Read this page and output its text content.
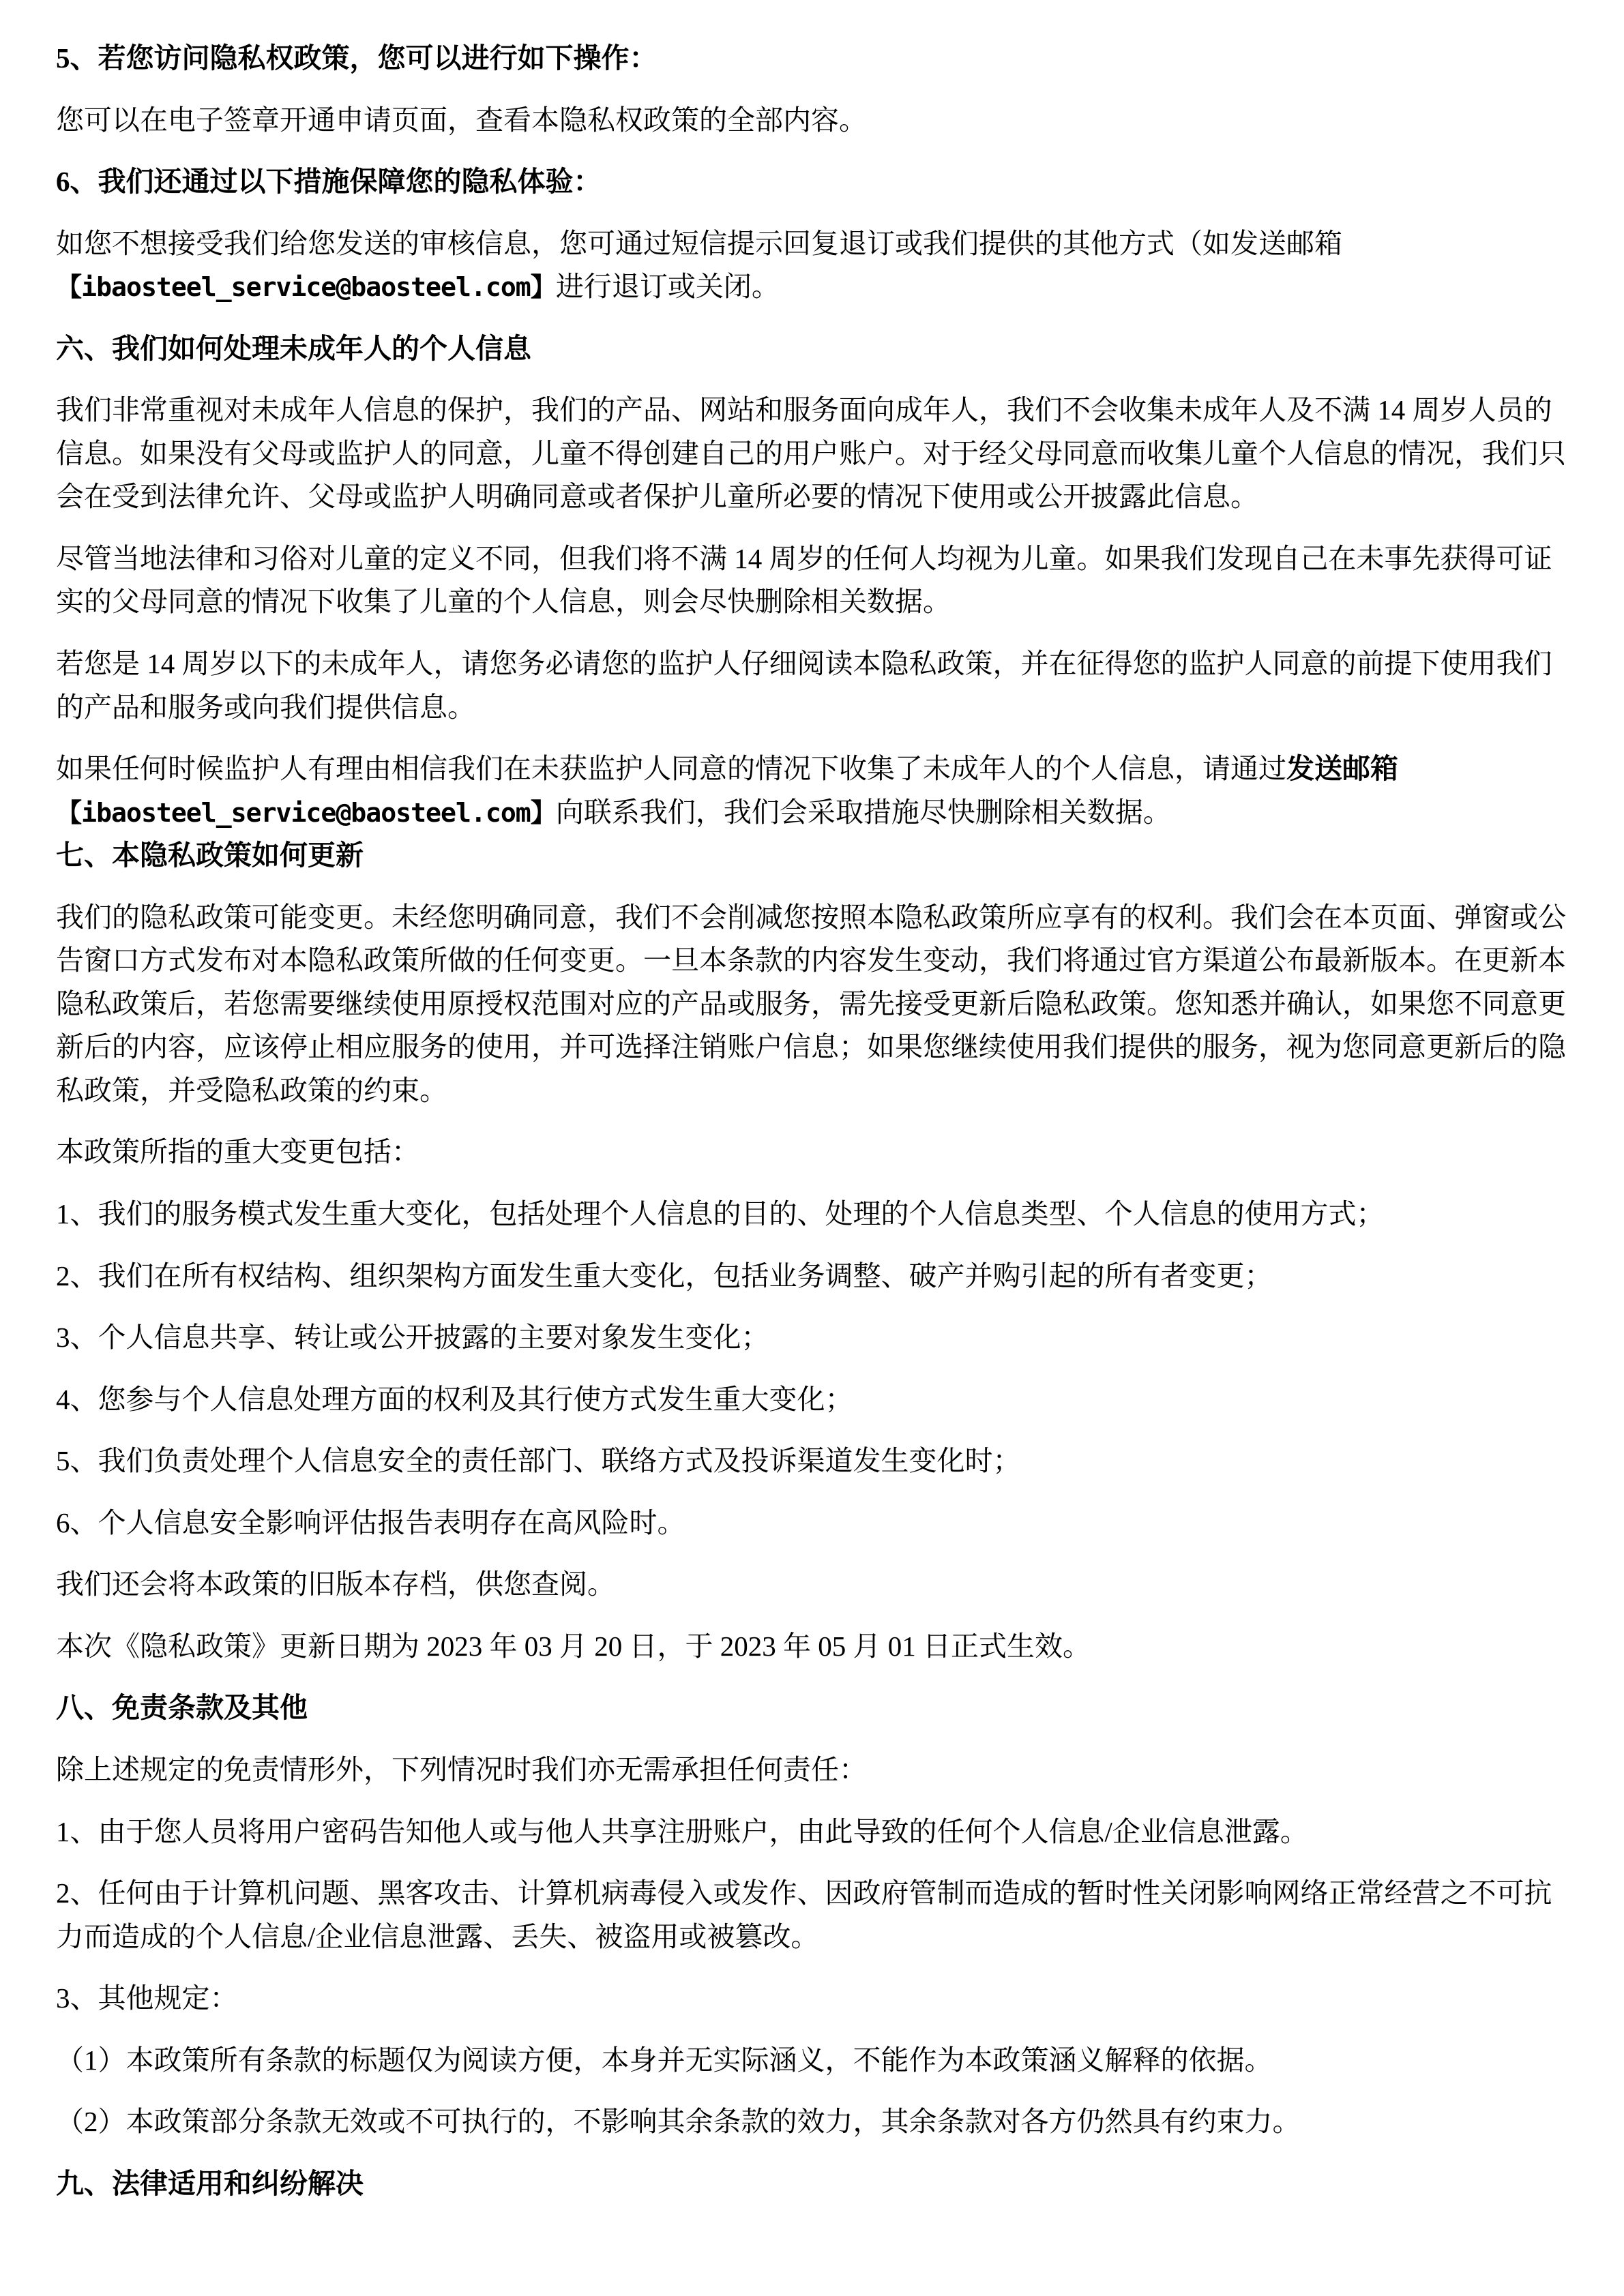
5、若您访问隐私权政策，您可以进行如下操作：

您可以在电子签章开通申请页面，查看本隐私权政策的全部内容。

6、我们还通过以下措施保障您的隐私体验：

如您不想接受我们给您发送的审核信息，您可通过短信提示回复退订或我们提供的其他方式（如发送邮箱【ibaosteel_service@baosteel.com】进行退订或关闭。

六、我们如何处理未成年人的个人信息

我们非常重视对未成年人信息的保护，我们的产品、网站和服务面向成年人，我们不会收集未成年人及不满 14 周岁人员的信息。如果没有父母或监护人的同意，儿童不得创建自己的用户账户。对于经父母同意而收集儿童个人信息的情况，我们只会在受到法律允许、父母或监护人明确同意或者保护儿童所必要的情况下使用或公开披露此信息。

尽管当地法律和习俗对儿童的定义不同，但我们将不满 14 周岁的任何人均视为儿童。如果我们发现自己在未事先获得可证实的父母同意的情况下收集了儿童的个人信息，则会尽快删除相关数据。

若您是 14 周岁以下的未成年人，请您务必请您的监护人仔细阅读本隐私政策，并在征得您的监护人同意的前提下使用我们的产品和服务或向我们提供信息。

如果任何时候监护人有理由相信我们在未获监护人同意的情况下收集了未成年人的个人信息，请通过发送邮箱【ibaosteel_service@baosteel.com】向联系我们，我们会采取措施尽快删除相关数据。

七、本隐私政策如何更新

我们的隐私政策可能变更。未经您明确同意，我们不会削减您按照本隐私政策所应享有的权利。我们会在本页面、弹窗或公告窗口方式发布对本隐私政策所做的任何变更。一旦本条款的内容发生变动，我们将通过官方渠道公布最新版本。在更新本隐私政策后，若您需要继续使用原授权范围对应的产品或服务，需先接受更新后隐私政策。您知悉并确认，如果您不同意更新后的内容，应该停止相应服务的使用，并可选择注销账户信息；如果您继续使用我们提供的服务，视为您同意更新后的隐私政策，并受隐私政策的约束。

本政策所指的重大变更包括：

1、我们的服务模式发生重大变化，包括处理个人信息的目的、处理的个人信息类型、个人信息的使用方式；

2、我们在所有权结构、组织架构方面发生重大变化，包括业务调整、破产并购引起的所有者变更；

3、个人信息共享、转让或公开披露的主要对象发生变化；

4、您参与个人信息处理方面的权利及其行使方式发生重大变化；

5、我们负责处理个人信息安全的责任部门、联络方式及投诉渠道发生变化时；

6、个人信息安全影响评估报告表明存在高风险时。

我们还会将本政策的旧版本存档，供您查阅。

本次《隐私政策》更新日期为 2023 年 03 月 20 日，于 2023 年 05 月 01 日正式生效。

八、免责条款及其他

除上述规定的免责情形外，下列情况时我们亦无需承担任何责任：

1、由于您人员将用户密码告知他人或与他人共享注册账户，由此导致的任何个人信息/企业信息泄露。

2、任何由于计算机问题、黑客攻击、计算机病毒侵入或发作、因政府管制而造成的暂时性关闭影响网络正常经营之不可抗力而造成的个人信息/企业信息泄露、丢失、被盗用或被篡改。

3、其他规定：

（1）本政策所有条款的标题仅为阅读方便，本身并无实际涵义，不能作为本政策涵义解释的依据。

（2）本政策部分条款无效或不可执行的，不影响其余条款的效力，其余条款对各方仍然具有约束力。

九、法律适用和纠纷解决
